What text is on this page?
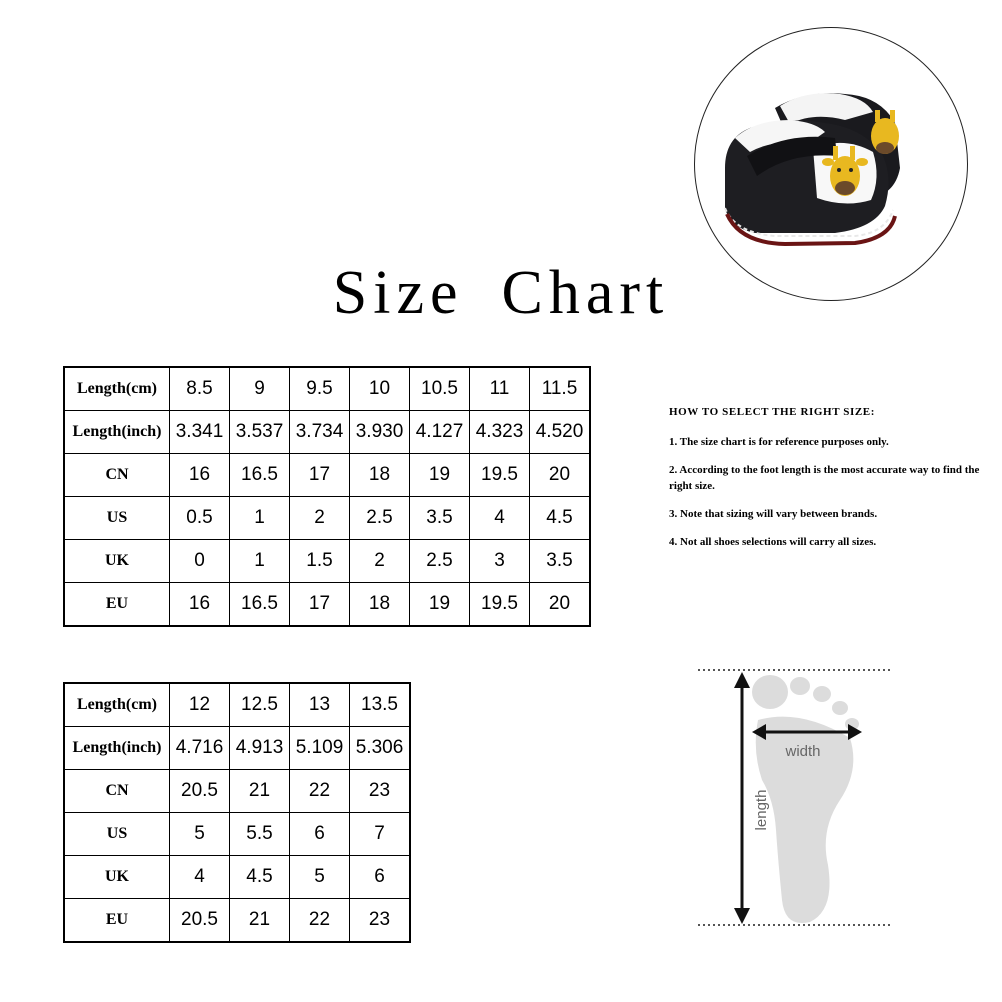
Size Chart
Length(cm)	8.5	9	9.5	10	10.5	11	11.5
Length(inch)	3.341	3.537	3.734	3.930	4.127	4.323	4.520
CN	16	16.5	17	18	19	19.5	20
US	0.5	1	2	2.5	3.5	4	4.5
UK	0	1	1.5	2	2.5	3	3.5
EU	16	16.5	17	18	19	19.5	20
Length(cm)	12	12.5	13	13.5
Length(inch)	4.716	4.913	5.109	5.306
CN	20.5	21	22	23
US	5	5.5	6	7
UK	4	4.5	5	6
EU	20.5	21	22	23
HOW TO SELECT THE RIGHT SIZE:

1. The size chart is for reference purposes only.

2. According to the foot length is the most accurate way to find the right size.

3. Note that sizing will vary between brands.

4. Not all shoes selections will carry all sizes.

width
length
